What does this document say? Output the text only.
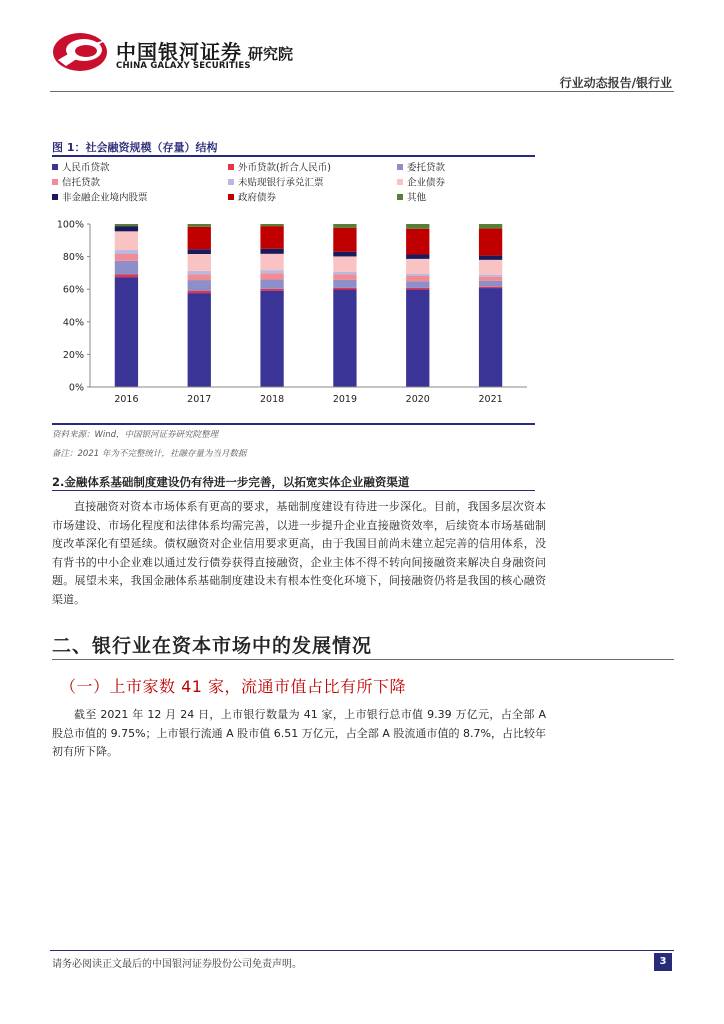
中国银河证券
CHINA GALAXY SECURITIES
研究院
行业动态报告/银行业
图 1：社会融资规模（存量）结构
人民币贷款	外币贷款(折合人民币)	委托贷款
信托贷款	未贴现银行承兑汇票	企业债券
非金融企业境内股票	政府债券	其他
0%
20%
40%
60%
80%
100%
2016	2017	2018	2019	2020	2021
资料来源：Wind，中国银河证券研究院整理
备注：2021 年为不完整统计，社融存量为当月数据
2.金融体系基础制度建设仍有待进一步完善，以拓宽实体企业融资渠道
直接融资对资本市场体系有更高的要求，基础制度建设有待进一步深化。目前，我国多层次资本市场建设、市场化程度和法律体系均需完善，以进一步提升企业直接融资效率，后续资本市场基础制度改革深化有望延续。债权融资对企业信用要求更高，由于我国目前尚未建立起完善的信用体系，没有背书的中小企业难以通过发行债券获得直接融资，企业主体不得不转向间接融资来解决自身融资问题。展望未来，我国金融体系基础制度建设未有根本性变化环境下，间接融资仍将是我国的核心融资渠道。
二、银行业在资本市场中的发展情况
（一）上市家数 41 家，流通市值占比有所下降
截至 2021 年 12 月 24 日，上市银行数量为 41 家，上市银行总市值 9.39 万亿元，占全部 A 股总市值的 9.75%；上市银行流通 A 股市值 6.51 万亿元，占全部 A 股流通市值的 8.7%，占比较年初有所下降。
请务必阅读正文最后的中国银河证券股份公司免责声明。	3
